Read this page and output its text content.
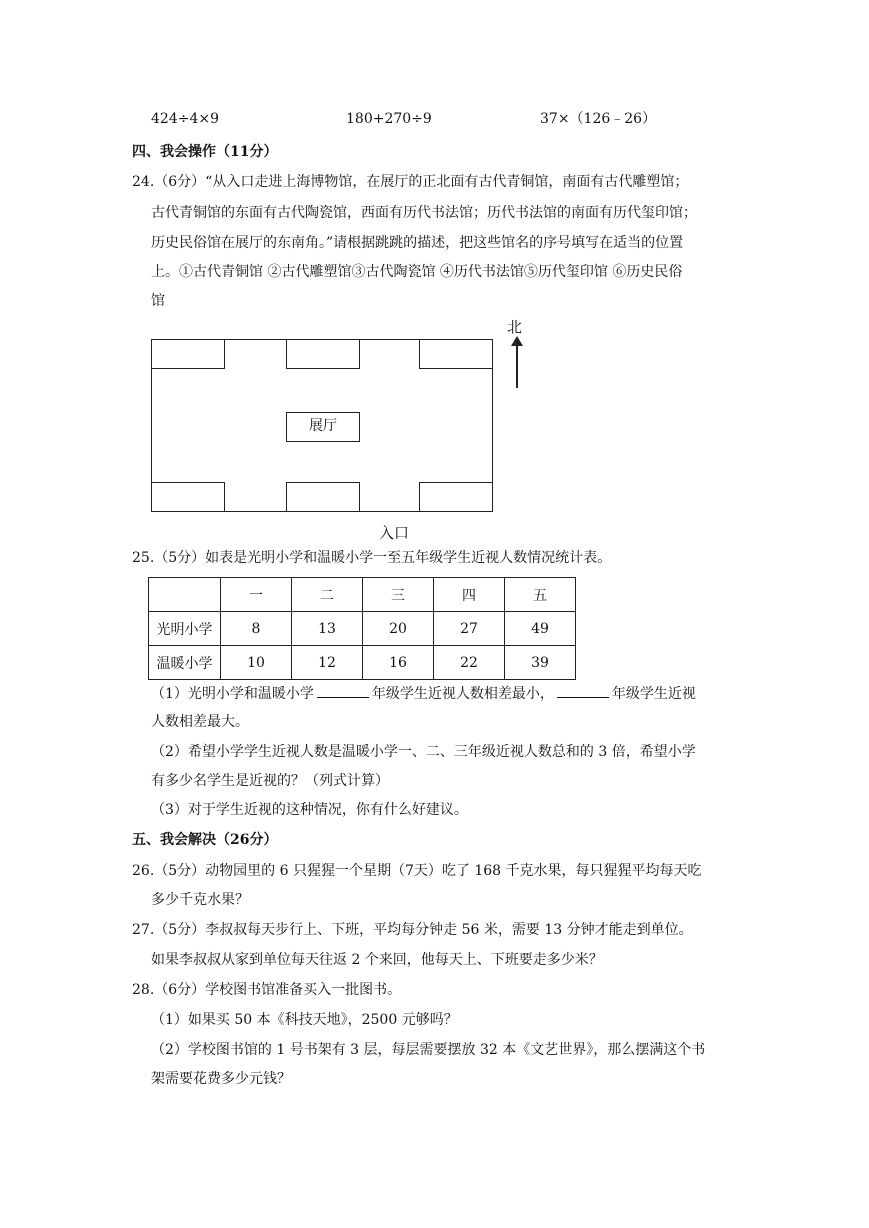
424÷4×9	180+270÷9	37×（126﹣26）
四、我会操作（11分）
24.（6分）“从入口走进上海博物馆，在展厅的正北面有古代青铜馆，南面有古代雕塑馆；
古代青铜馆的东面有古代陶瓷馆，西面有历代书法馆；历代书法馆的南面有历代玺印馆；
历史民俗馆在展厅的东南角。”请根据跳跳的描述，把这些馆名的序号填写在适当的位置
上。①古代青铜馆 ②古代雕塑馆③古代陶瓷馆 ④历代书法馆⑤历代玺印馆 ⑥历史民俗
馆
展厅
北
入口
25.（5分）如表是光明小学和温暖小学一至五年级学生近视人数情况统计表。
	一	二	三	四	五
光明小学	8	13	20	27	49
温暖小学	10	12	16	22	39
（1）光明小学和温暖小学	年级学生近视人数相差最小，	年级学生近视
人数相差最大。
（2）希望小学学生近视人数是温暖小学一、二、三年级近视人数总和的 3 倍，希望小学
有多少名学生是近视的？（列式计算）
（3）对于学生近视的这种情况，你有什么好建议。
五、我会解决（26分）
26.（5分）动物园里的 6 只猩猩一个星期（7天）吃了 168 千克水果，每只猩猩平均每天吃
多少千克水果？
27.（5分）李叔叔每天步行上、下班，平均每分钟走 56 米，需要 13 分钟才能走到单位。
如果李叔叔从家到单位每天往返 2 个来回，他每天上、下班要走多少米？
28.（6分）学校图书馆准备买入一批图书。
（1）如果买 50 本《科技天地》，2500 元够吗？
（2）学校图书馆的 1 号书架有 3 层，每层需要摆放 32 本《文艺世界》，那么摆满这个书
架需要花费多少元钱？
